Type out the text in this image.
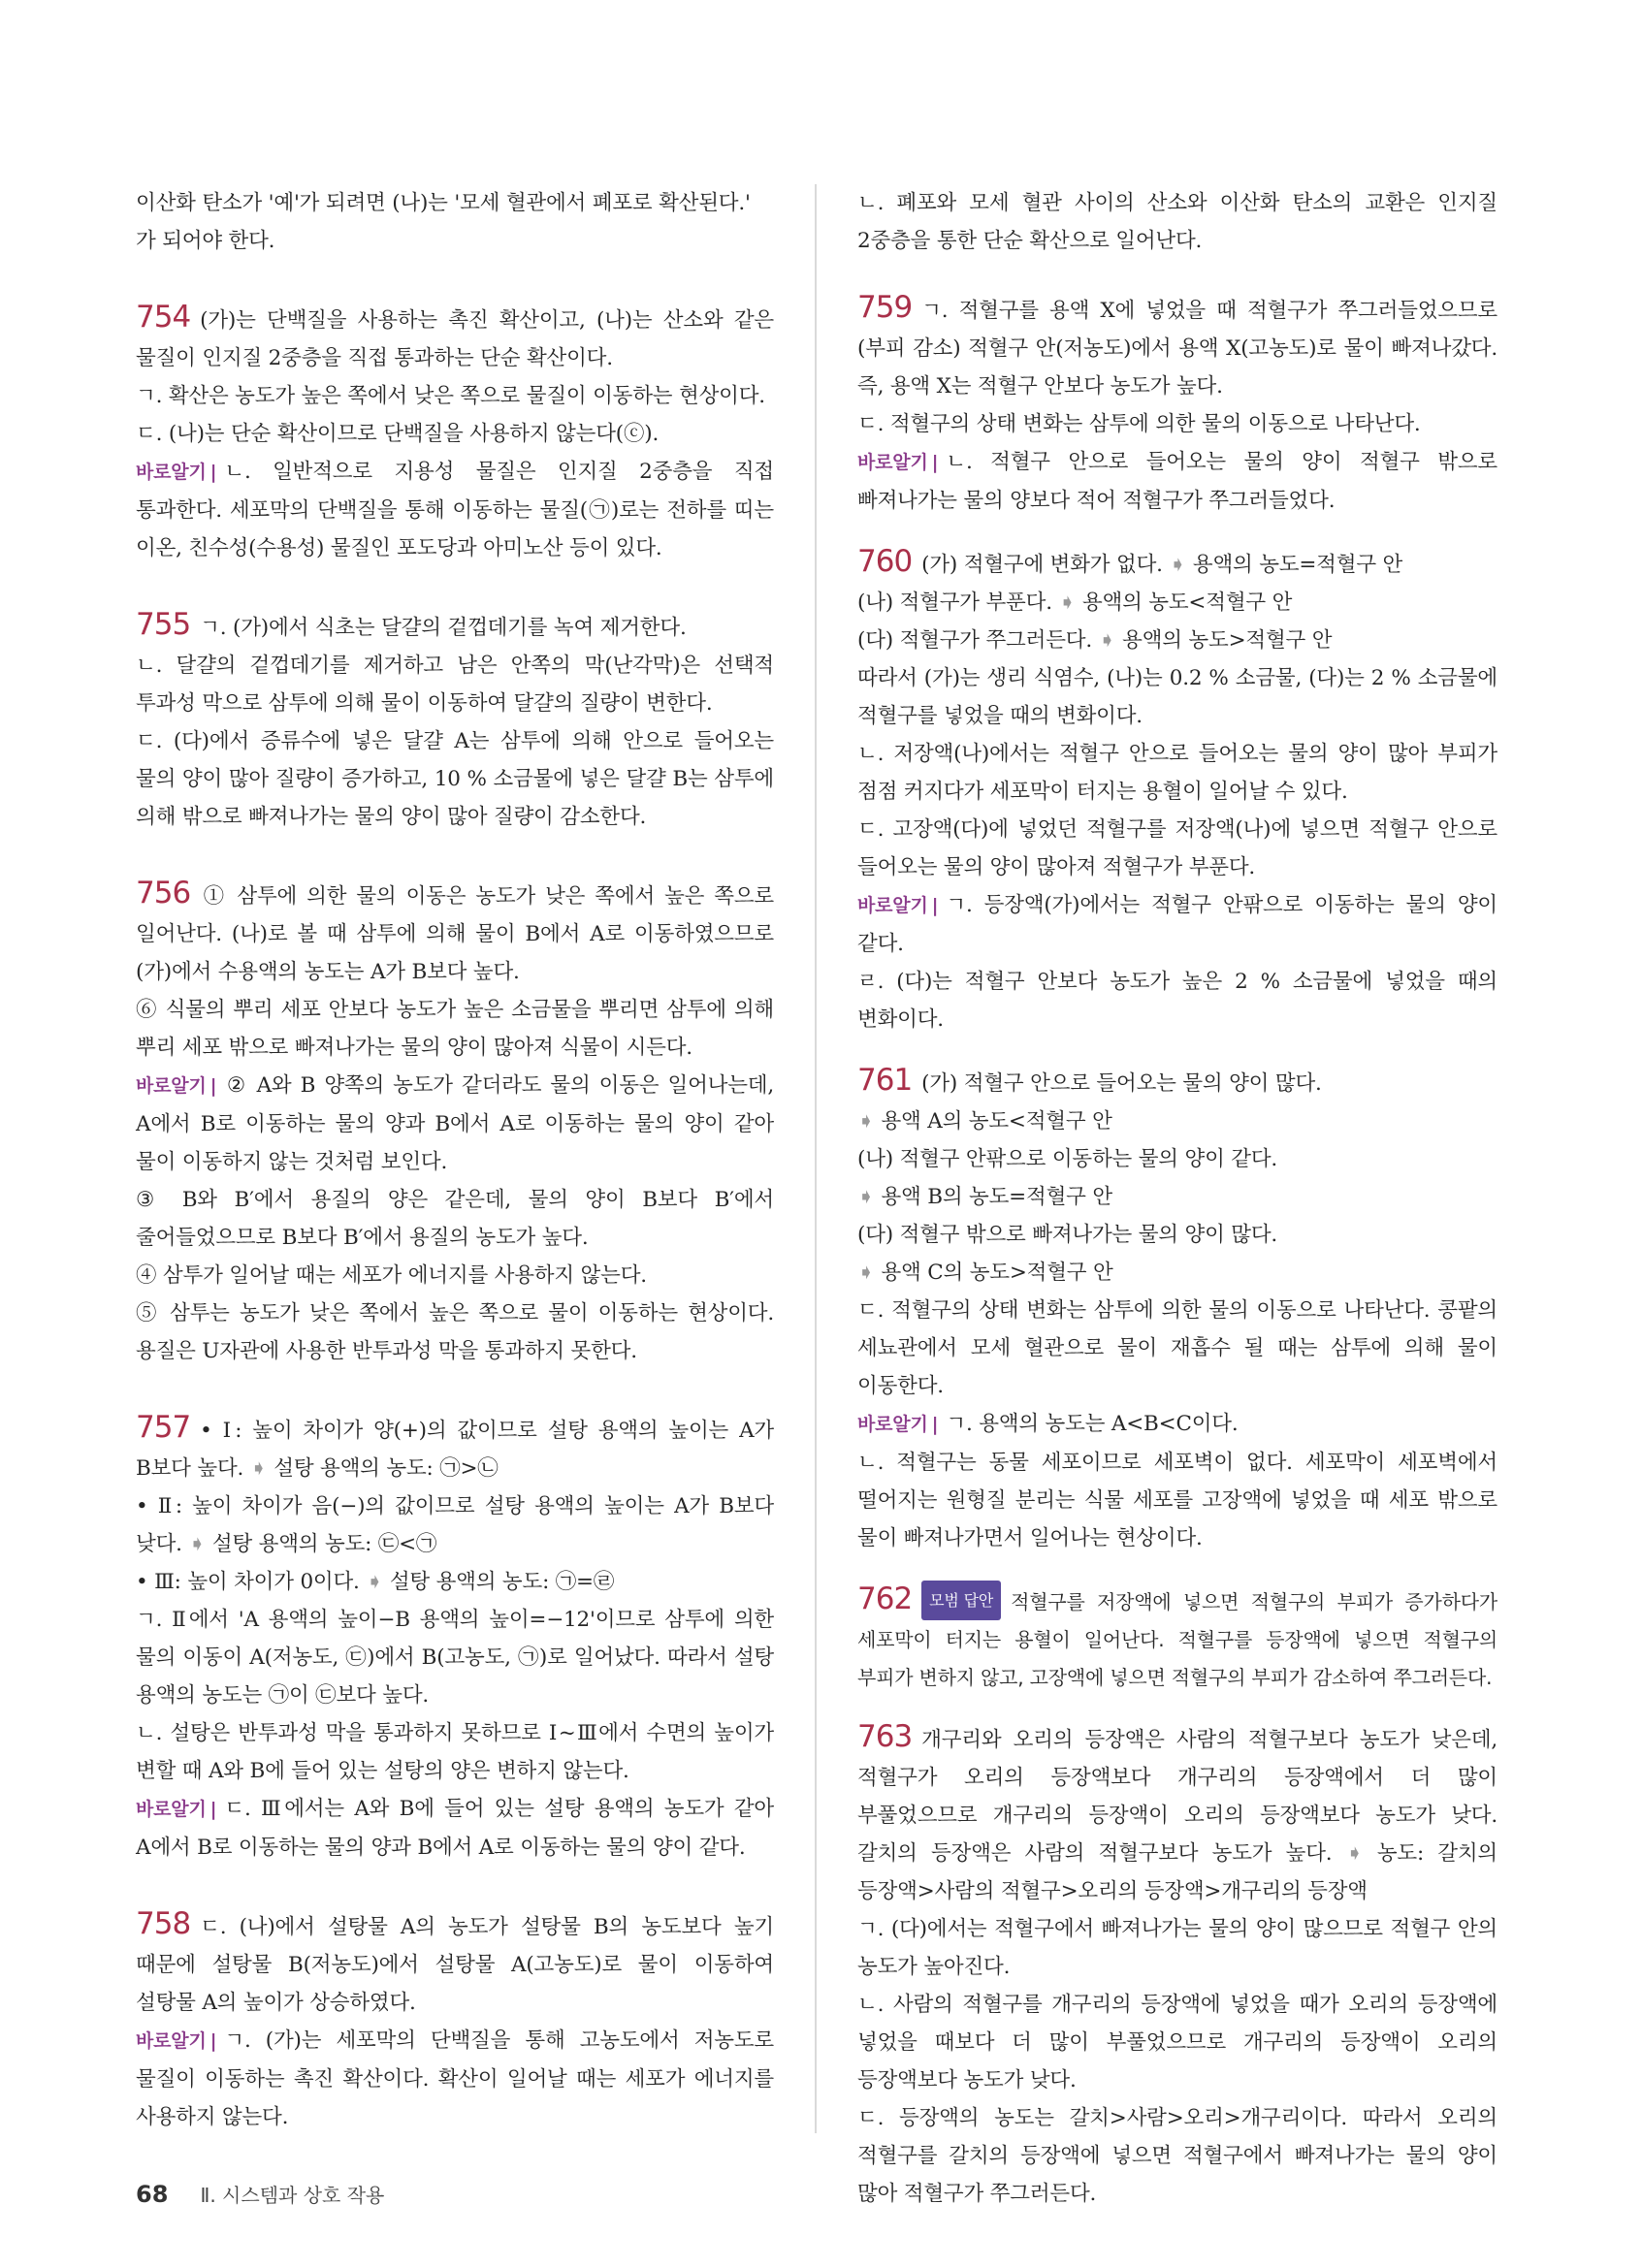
이산화 탄소가 '예'가 되려면 (나)는 '모세 혈관에서 폐포로 확산된다.'

가 되어야 한다.

754 (가)는 단백질을 사용하는 촉진 확산이고, (나)는 산소와 같은 물질이 인지질 2중층을 직접 통과하는 단순 확산이다.

ㄱ. 확산은 농도가 높은 쪽에서 낮은 쪽으로 물질이 이동하는 현상이다.

ㄷ. (나)는 단순 확산이므로 단백질을 사용하지 않는다(ⓒ).

바로알기 | ㄴ. 일반적으로 지용성 물질은 인지질 2중층을 직접 통과한다. 세포막의 단백질을 통해 이동하는 물질(㉠)로는 전하를 띠는 이온, 친수성(수용성) 물질인 포도당과 아미노산 등이 있다.

755 ㄱ. (가)에서 식초는 달걀의 겉껍데기를 녹여 제거한다.

ㄴ. 달걀의 겉껍데기를 제거하고 남은 안쪽의 막(난각막)은 선택적 투과성 막으로 삼투에 의해 물이 이동하여 달걀의 질량이 변한다.

ㄷ. (다)에서 증류수에 넣은 달걀 A는 삼투에 의해 안으로 들어오는 물의 양이 많아 질량이 증가하고, 10 % 소금물에 넣은 달걀 B는 삼투에 의해 밖으로 빠져나가는 물의 양이 많아 질량이 감소한다.

756 ① 삼투에 의한 물의 이동은 농도가 낮은 쪽에서 높은 쪽으로 일어난다. (나)로 볼 때 삼투에 의해 물이 B에서 A로 이동하였으므로 (가)에서 수용액의 농도는 A가 B보다 높다.

⑥ 식물의 뿌리 세포 안보다 농도가 높은 소금물을 뿌리면 삼투에 의해 뿌리 세포 밖으로 빠져나가는 물의 양이 많아져 식물이 시든다.

바로알기 | ② A와 B 양쪽의 농도가 같더라도 물의 이동은 일어나는데, A에서 B로 이동하는 물의 양과 B에서 A로 이동하는 물의 양이 같아 물이 이동하지 않는 것처럼 보인다.

③ B와 B′에서 용질의 양은 같은데, 물의 양이 B보다 B′에서 줄어들었으므로 B보다 B′에서 용질의 농도가 높다.

④ 삼투가 일어날 때는 세포가 에너지를 사용하지 않는다.

⑤ 삼투는 농도가 낮은 쪽에서 높은 쪽으로 물이 이동하는 현상이다. 용질은 U자관에 사용한 반투과성 막을 통과하지 못한다.

757 • Ⅰ: 높이 차이가 양(+)의 값이므로 설탕 용액의 높이는 A가 B보다 높다. ➧ 설탕 용액의 농도: ㉠>㉡

• Ⅱ: 높이 차이가 음(−)의 값이므로 설탕 용액의 높이는 A가 B보다 낮다. ➧ 설탕 용액의 농도: ㉢<㉠

• Ⅲ: 높이 차이가 0이다. ➧ 설탕 용액의 농도: ㉠=㉣

ㄱ. Ⅱ에서 'A 용액의 높이−B 용액의 높이=−12'이므로 삼투에 의한 물의 이동이 A(저농도, ㉢)에서 B(고농도, ㉠)로 일어났다. 따라서 설탕 용액의 농도는 ㉠이 ㉢보다 높다.

ㄴ. 설탕은 반투과성 막을 통과하지 못하므로 Ⅰ~Ⅲ에서 수면의 높이가 변할 때 A와 B에 들어 있는 설탕의 양은 변하지 않는다.

바로알기 | ㄷ. Ⅲ에서는 A와 B에 들어 있는 설탕 용액의 농도가 같아 A에서 B로 이동하는 물의 양과 B에서 A로 이동하는 물의 양이 같다.

758 ㄷ. (나)에서 설탕물 A의 농도가 설탕물 B의 농도보다 높기 때문에 설탕물 B(저농도)에서 설탕물 A(고농도)로 물이 이동하여 설탕물 A의 높이가 상승하였다.

바로알기 | ㄱ. (가)는 세포막의 단백질을 통해 고농도에서 저농도로 물질이 이동하는 촉진 확산이다. 확산이 일어날 때는 세포가 에너지를 사용하지 않는다.

ㄴ. 폐포와 모세 혈관 사이의 산소와 이산화 탄소의 교환은 인지질 2중층을 통한 단순 확산으로 일어난다.

759 ㄱ. 적혈구를 용액 X에 넣었을 때 적혈구가 쭈그러들었으므로 (부피 감소) 적혈구 안(저농도)에서 용액 X(고농도)로 물이 빠져나갔다. 즉, 용액 X는 적혈구 안보다 농도가 높다.

ㄷ. 적혈구의 상태 변화는 삼투에 의한 물의 이동으로 나타난다.

바로알기 | ㄴ. 적혈구 안으로 들어오는 물의 양이 적혈구 밖으로 빠져나가는 물의 양보다 적어 적혈구가 쭈그러들었다.

760 (가) 적혈구에 변화가 없다. ➧ 용액의 농도=적혈구 안

(나) 적혈구가 부푼다. ➧ 용액의 농도<적혈구 안

(다) 적혈구가 쭈그러든다. ➧ 용액의 농도>적혈구 안

따라서 (가)는 생리 식염수, (나)는 0.2 % 소금물, (다)는 2 % 소금물에 적혈구를 넣었을 때의 변화이다.

ㄴ. 저장액(나)에서는 적혈구 안으로 들어오는 물의 양이 많아 부피가 점점 커지다가 세포막이 터지는 용혈이 일어날 수 있다.

ㄷ. 고장액(다)에 넣었던 적혈구를 저장액(나)에 넣으면 적혈구 안으로 들어오는 물의 양이 많아져 적혈구가 부푼다.

바로알기 | ㄱ. 등장액(가)에서는 적혈구 안팎으로 이동하는 물의 양이 같다.

ㄹ. (다)는 적혈구 안보다 농도가 높은 2 % 소금물에 넣었을 때의 변화이다.

761 (가) 적혈구 안으로 들어오는 물의 양이 많다.

➧ 용액 A의 농도<적혈구 안

(나) 적혈구 안팎으로 이동하는 물의 양이 같다.

➧ 용액 B의 농도=적혈구 안

(다) 적혈구 밖으로 빠져나가는 물의 양이 많다.

➧ 용액 C의 농도>적혈구 안

ㄷ. 적혈구의 상태 변화는 삼투에 의한 물의 이동으로 나타난다. 콩팥의 세뇨관에서 모세 혈관으로 물이 재흡수 될 때는 삼투에 의해 물이 이동한다.

바로알기 | ㄱ. 용액의 농도는 A<B<C이다.

ㄴ. 적혈구는 동물 세포이므로 세포벽이 없다. 세포막이 세포벽에서 떨어지는 원형질 분리는 식물 세포를 고장액에 넣었을 때 세포 밖으로 물이 빠져나가면서 일어나는 현상이다.

762 모범 답안 적혈구를 저장액에 넣으면 적혈구의 부피가 증가하다가 세포막이 터지는 용혈이 일어난다. 적혈구를 등장액에 넣으면 적혈구의 부피가 변하지 않고, 고장액에 넣으면 적혈구의 부피가 감소하여 쭈그러든다.

763 개구리와 오리의 등장액은 사람의 적혈구보다 농도가 낮은데, 적혈구가 오리의 등장액보다 개구리의 등장액에서 더 많이 부풀었으므로 개구리의 등장액이 오리의 등장액보다 농도가 낮다. 갈치의 등장액은 사람의 적혈구보다 농도가 높다. ➧ 농도: 갈치의 등장액>사람의 적혈구>오리의 등장액>개구리의 등장액

ㄱ. (다)에서는 적혈구에서 빠져나가는 물의 양이 많으므로 적혈구 안의 농도가 높아진다.

ㄴ. 사람의 적혈구를 개구리의 등장액에 넣었을 때가 오리의 등장액에 넣었을 때보다 더 많이 부풀었으므로 개구리의 등장액이 오리의 등장액보다 농도가 낮다.

ㄷ. 등장액의 농도는 갈치>사람>오리>개구리이다. 따라서 오리의 적혈구를 갈치의 등장액에 넣으면 적혈구에서 빠져나가는 물의 양이 많아 적혈구가 쭈그러든다.

68 Ⅱ. 시스템과 상호 작용
